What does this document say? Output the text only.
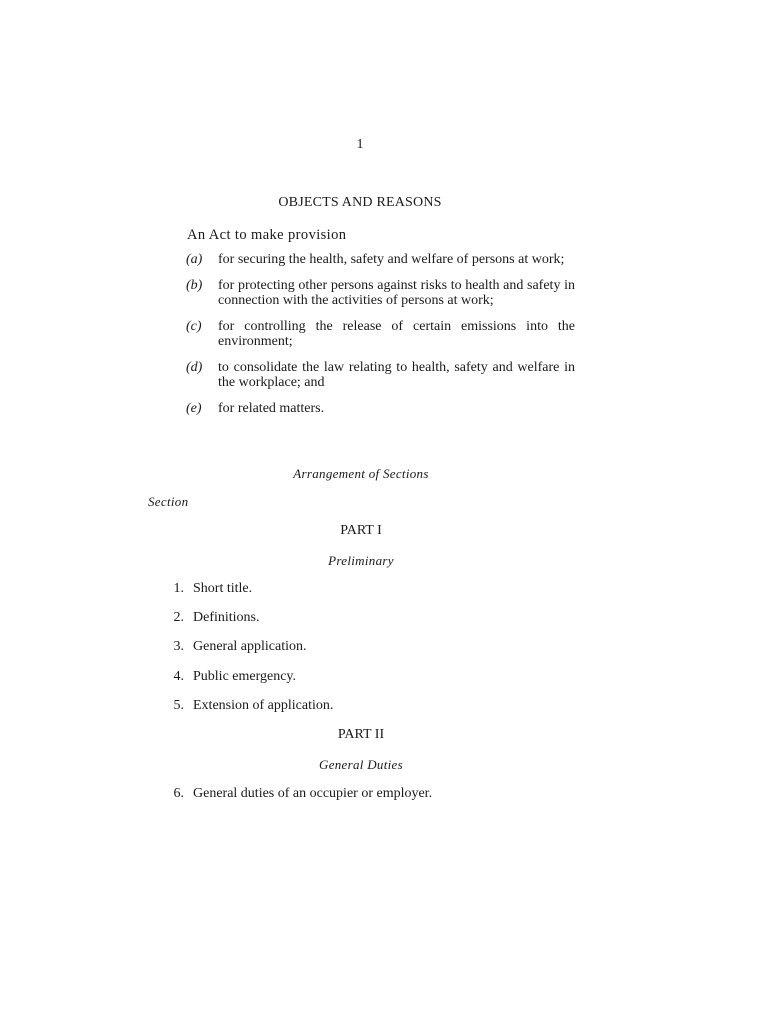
1
OBJECTS AND REASONS
An Act to make provision
(a) for securing the health, safety and welfare of persons at work;
(b) for protecting other persons against risks to health and safety in connection with the activities of persons at work;
(c) for controlling the release of certain emissions into the environment;
(d) to consolidate the law relating to health, safety and welfare in the workplace; and
(e) for related matters.
Arrangement of Sections
Section
PART I
Preliminary
1. Short title.
2. Definitions.
3. General application.
4. Public emergency.
5. Extension of application.
PART II
General Duties
6. General duties of an occupier or employer.
